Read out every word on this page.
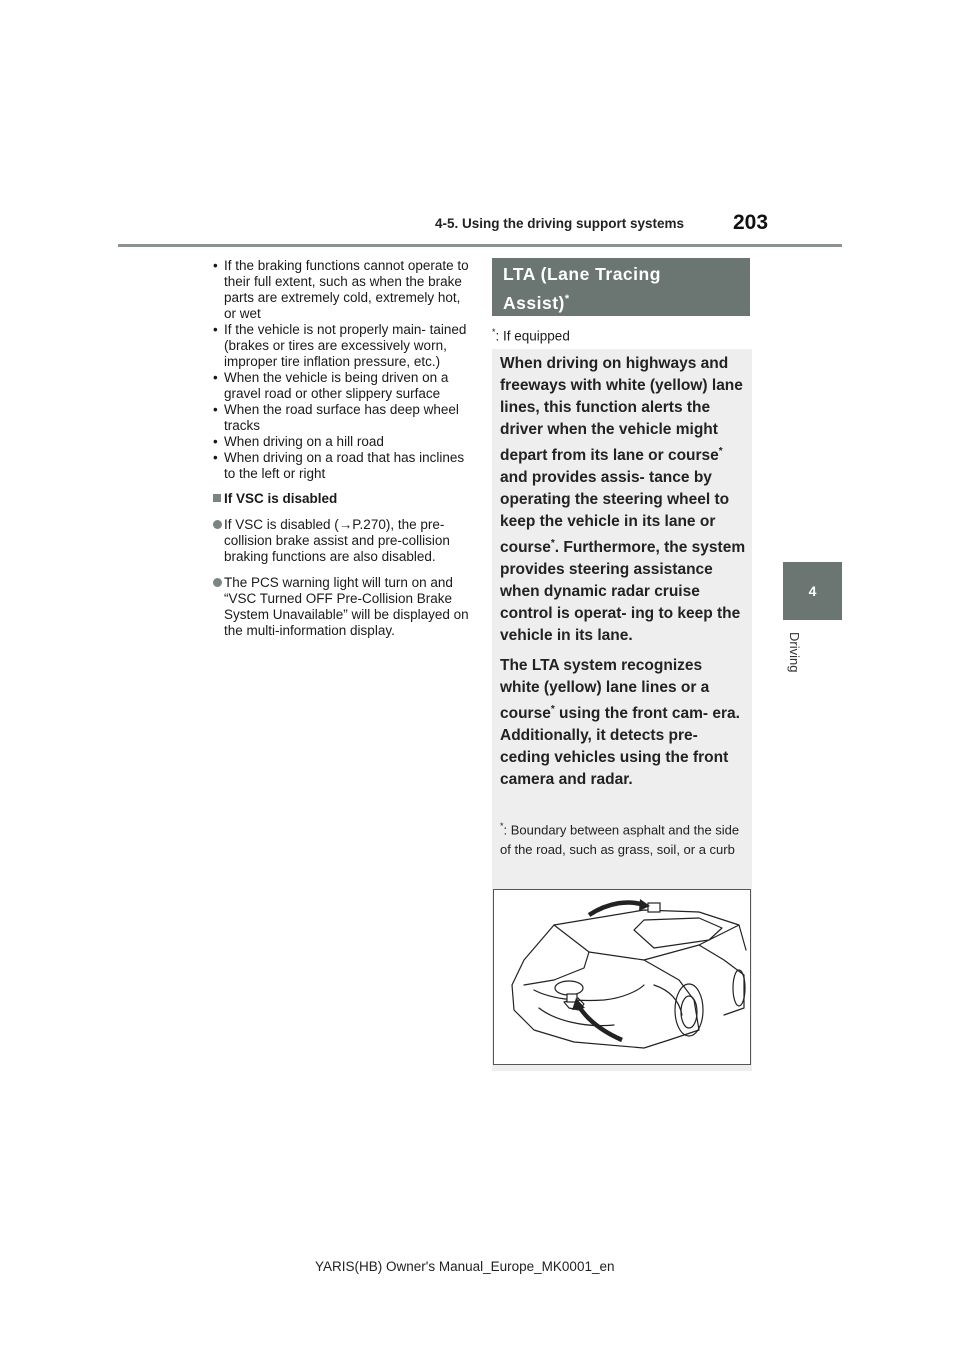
4-5. Using the driving support systems	203
4
Driving
• If the braking functions cannot operate to their full extent, such as when the brake parts are extremely cold, extremely hot, or wet
• If the vehicle is not properly main- tained (brakes or tires are excessively worn, improper tire inflation pressure, etc.)
• When the vehicle is being driven on a gravel road or other slippery surface
• When the road surface has deep wheel tracks
• When driving on a hill road
• When driving on a road that has inclines to the left or right
If VSC is disabled
If VSC is disabled (→P.270), the pre- collision brake assist and pre-collision braking functions are also disabled.
The PCS warning light will turn on and “VSC Turned OFF Pre-Collision Brake System Unavailable” will be displayed on the multi-information display.
LTA (Lane Tracing
Assist)*
*: If equipped

When driving on highways and freeways with white (yellow) lane lines, this function alerts the driver when the vehicle might depart from its lane or course* and provides assis- tance by operating the steering wheel to keep the vehicle in its lane or course*. Furthermore, the system provides steering assistance when dynamic radar cruise control is operat- ing to keep the vehicle in its lane.

The LTA system recognizes white (yellow) lane lines or a course* using the front cam- era. Additionally, it detects pre- ceding vehicles using the front camera and radar.

*: Boundary between asphalt and the side of the road, such as grass, soil, or a curb
YARIS(HB) Owner's Manual_Europe_MK0001_en
